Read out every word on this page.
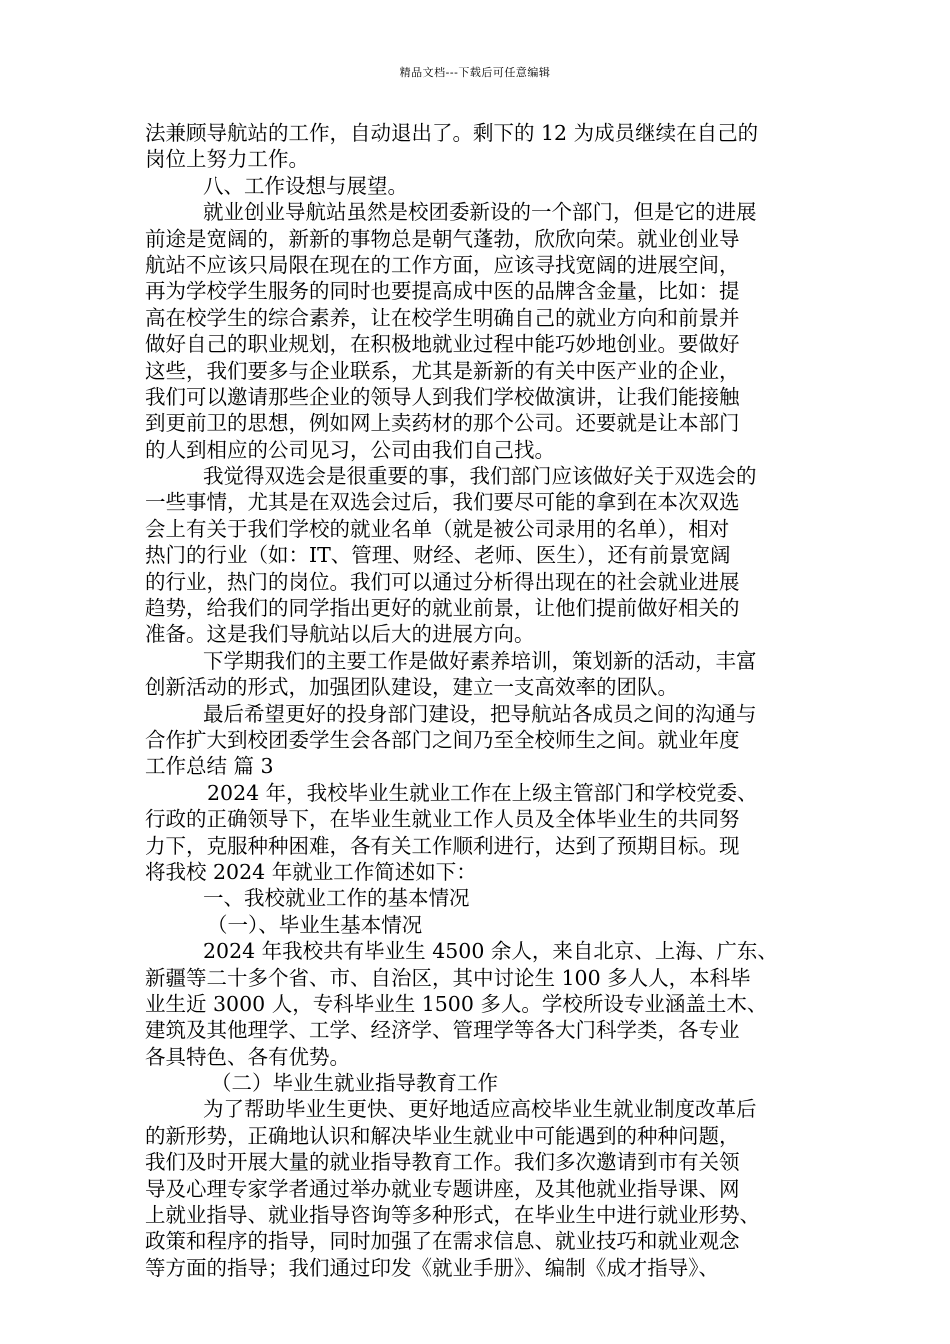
精品文档---下载后可任意编辑
法兼顾导航站的工作，自动退出了。剩下的 12 为成员继续在自己的
岗位上努力工作。
八、工作设想与展望。
就业创业导航站虽然是校团委新设的一个部门，但是它的进展
前途是宽阔的，新新的事物总是朝气蓬勃，欣欣向荣。就业创业导
航站不应该只局限在现在的工作方面，应该寻找宽阔的进展空间，
再为学校学生服务的同时也要提高成中医的品牌含金量，比如：提
高在校学生的综合素养，让在校学生明确自己的就业方向和前景并
做好自己的职业规划，在积极地就业过程中能巧妙地创业。要做好
这些，我们要多与企业联系，尤其是新新的有关中医产业的企业，
我们可以邀请那些企业的领导人到我们学校做演讲，让我们能接触
到更前卫的思想，例如网上卖药材的那个公司。还要就是让本部门
的人到相应的公司见习，公司由我们自己找。
我觉得双选会是很重要的事，我们部门应该做好关于双选会的
一些事情，尤其是在双选会过后，我们要尽可能的拿到在本次双选
会上有关于我们学校的就业名单（就是被公司录用的名单），相对
热门的行业（如：IT、管理、财经、老师、医生），还有前景宽阔
的行业，热门的岗位。我们可以通过分析得出现在的社会就业进展
趋势，给我们的同学指出更好的就业前景，让他们提前做好相关的
准备。这是我们导航站以后大的进展方向。
下学期我们的主要工作是做好素养培训，策划新的活动，丰富
创新活动的形式，加强团队建设，建立一支高效率的团队。
最后希望更好的投身部门建设，把导航站各成员之间的沟通与
合作扩大到校团委学生会各部门之间乃至全校师生之间。就业年度
工作总结 篇 3
2024 年，我校毕业生就业工作在上级主管部门和学校党委、
行政的正确领导下，在毕业生就业工作人员及全体毕业生的共同努
力下，克服种种困难，各有关工作顺利进行，达到了预期目标。现
将我校 2024 年就业工作简述如下：
一、我校就业工作的基本情况
（一）、毕业生基本情况
2024 年我校共有毕业生 4500 余人，来自北京、上海、广东、
新疆等二十多个省、市、自治区，其中讨论生 100 多人人，本科毕
业生近 3000 人，专科毕业生 1500 多人。学校所设专业涵盖土木、
建筑及其他理学、工学、经济学、管理学等各大门科学类，各专业
各具特色、各有优势。
（二）毕业生就业指导教育工作
为了帮助毕业生更快、更好地适应高校毕业生就业制度改革后
的新形势，正确地认识和解决毕业生就业中可能遇到的种种问题，
我们及时开展大量的就业指导教育工作。我们多次邀请到市有关领
导及心理专家学者通过举办就业专题讲座，及其他就业指导课、网
上就业指导、就业指导咨询等多种形式，在毕业生中进行就业形势、
政策和程序的指导，同时加强了在需求信息、就业技巧和就业观念
等方面的指导；我们通过印发《就业手册》、编制《成才指导》、
